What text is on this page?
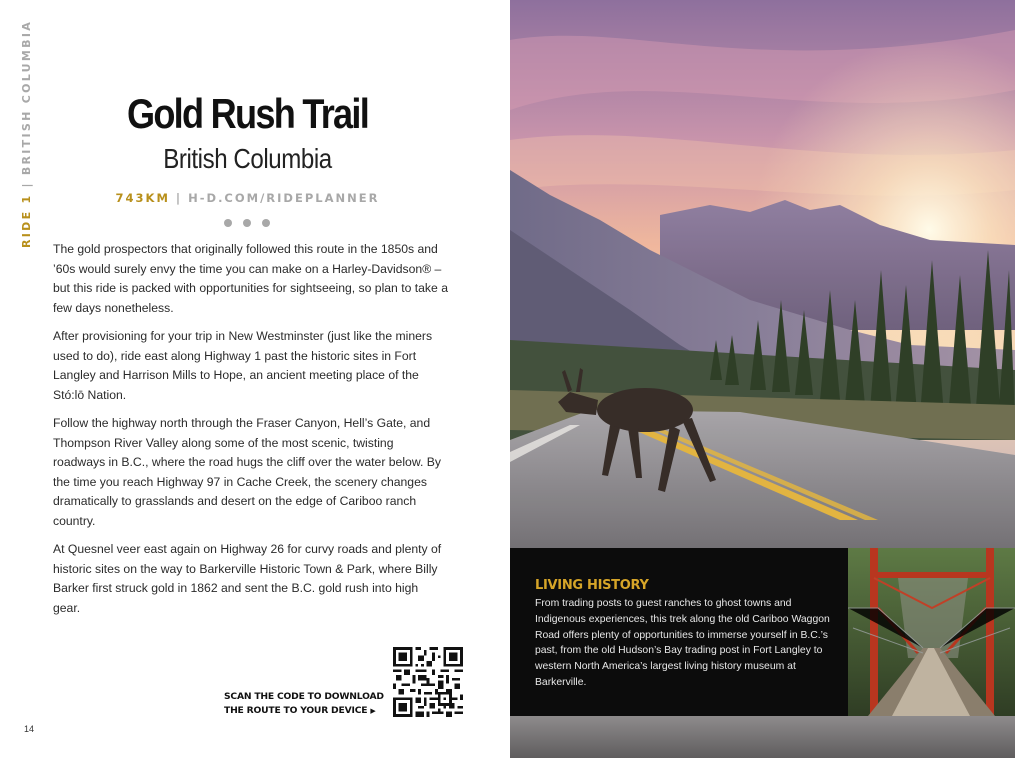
RIDE 1|BRITISH COLUMBIA	Gold Rush Trail
British Columbia
743KM | H-D.COM/RIDEPLANNER

The gold prospectors that originally followed this route in the 1850s and ’60s would surely envy the time you can make on a Harley-Davidson® – but this ride is packed with opportunities for sightseeing, so plan to take a few days nonetheless.

After provisioning for your trip in New Westminster (just like the miners used to do), ride east along Highway 1 past the historic sites in Fort Langley and Harrison Mills to Hope, an ancient meeting place of the Stó:lō Nation.

Follow the highway north through the Fraser Canyon, Hell’s Gate, and Thompson River Valley along some of the most scenic, twisting roadways in B.C., where the road hugs the cliff over the water below. By the time you reach Highway 97 in Cache Creek, the scenery changes dramatically to grasslands and desert on the edge of Cariboo ranch country.

At Quesnel veer east again on Highway 26 for curvy roads and plenty of historic sites on the way to Barkerville Historic Town & Park, where Billy Barker first struck gold in 1862 and sent the B.C. gold rush into high gear.

SCAN THE CODE TO DOWNLOAD
THE ROUTE TO YOUR DEVICE ▶
14
LIVING HISTORY
From trading posts to guest ranches to ghost towns and Indigenous experiences, this trek along the old Cariboo Waggon Road offers plenty of opportunities to immerse yourself in B.C.’s past, from the old Hudson’s Bay trading post in Fort Langley to western North America’s largest living history museum at Barkerville.
